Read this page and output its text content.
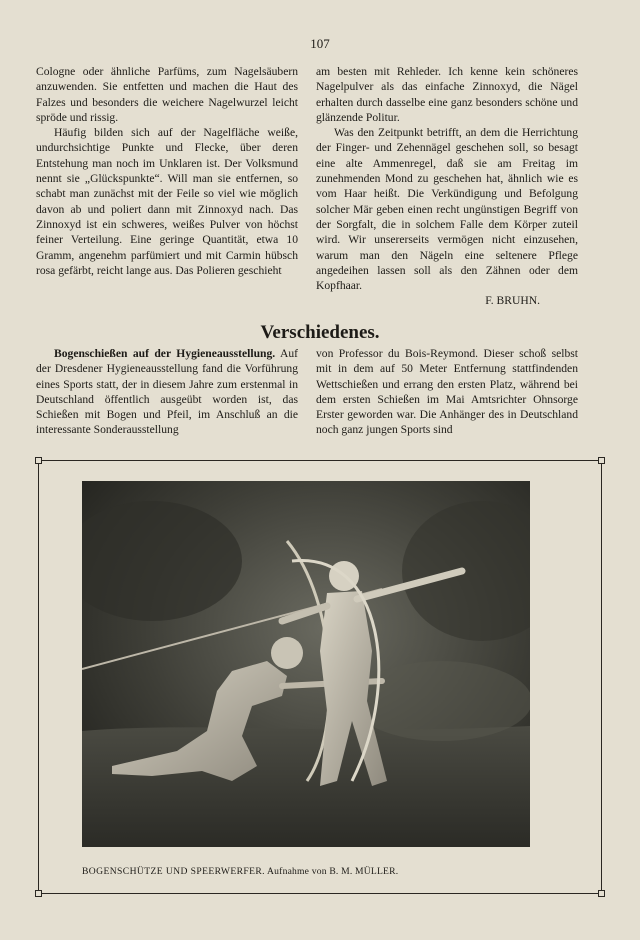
107

Cologne oder ähnliche Parfüms, zum Nagelsäubern anzuwenden. Sie entfetten und machen die Haut des Falzes und besonders die weichere Nagelwurzel leicht spröde und rissig.

Häufig bilden sich auf der Nagelfläche weiße, undurchsichtige Punkte und Flecke, über deren Entstehung man noch im Unklaren ist. Der Volksmund nennt sie „Glückspunkte“. Will man sie entfernen, so schabt man zunächst mit der Feile so viel wie möglich davon ab und poliert dann mit Zinnoxyd nach. Das Zinnoxyd ist ein schweres, weißes Pulver von höchst feiner Verteilung. Eine geringe Quantität, etwa 10 Gramm, angenehm parfümiert und mit Carmin hübsch rosa gefärbt, reicht lange aus. Das Polieren geschieht

am besten mit Rehleder. Ich kenne kein schöneres Nagelpulver als das einfache Zinnoxyd, die Nägel erhalten durch dasselbe eine ganz besonders schöne und glänzende Politur.

Was den Zeitpunkt betrifft, an dem die Herrichtung der Finger- und Zehennägel geschehen soll, so besagt eine alte Ammenregel, daß sie am Freitag im zunehmenden Mond zu geschehen hat, ähnlich wie es vom Haar heißt. Die Verkündigung und Befolgung solcher Mär geben einen recht ungünstigen Begriff von der Sorgfalt, die in solchem Falle dem Körper zuteil wird. Wir unsererseits vermögen nicht einzusehen, warum man den Nägeln eine seltenere Pflege angedeihen lassen soll als den Zähnen oder dem Kopfhaar.

F. BRUHN.

Verschiedenes.

Bogenschießen auf der Hygieneausstellung. Auf der Dresdener Hygieneausstellung fand die Vorführung eines Sports statt, der in diesem Jahre zum erstenmal in Deutschland öffentlich ausgeübt worden ist, das Schießen mit Bogen und Pfeil, im Anschluß an die interessante Sonderausstellung

von Professor du Bois-Reymond. Dieser schoß selbst mit in dem auf 50 Meter Entfernung stattfindenden Wettschießen und errang den ersten Platz, während bei dem ersten Schießen im Mai Amtsrichter Ohnsorge Erster geworden war. Die Anhänger des in Deutschland noch ganz jungen Sports sind

BOGENSCHÜTZE UND SPEERWERFER. Aufnahme von B. M. MÜLLER.
